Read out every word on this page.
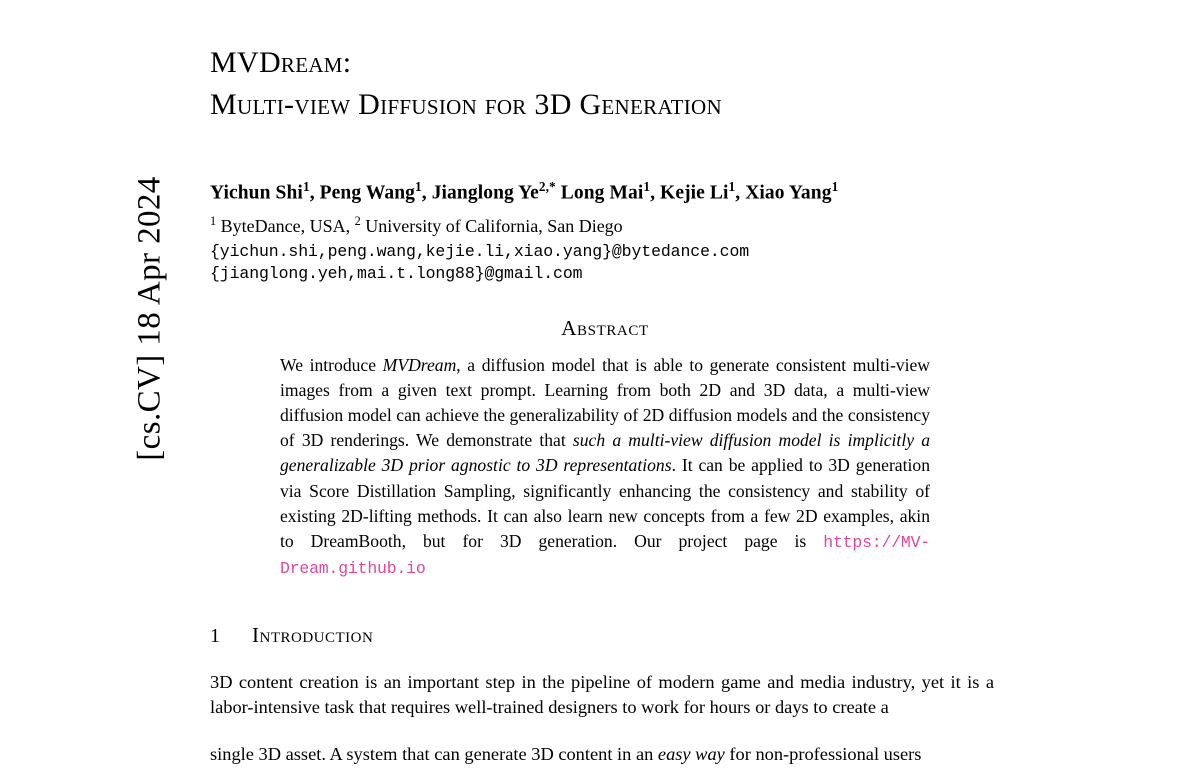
[cs.CV] 18 Apr 2024
MVDream:
Multi-view Diffusion for 3D Generation
Yichun Shi$^1$, Peng Wang$^1$, Jianglong $Ye^{2,*}$ Long Mai$^1$, Kejie Li$^1$, Xiao Yang$^1$
$^1$ ByteDance, USA, $^2$ University of California, San Diego
{yichun.shi,peng.wang,kejie.li,xiao.yang}@bytedance.com
{jianglong.yeh,mai.t.long88}@gmail.com
Abstract
We introduce MVDream, a diffusion model that is able to generate consistent multi-view images from a given text prompt. Learning from both 2D and 3D data, a multi-view diffusion model can achieve the generalizability of 2D diffusion models and the consistency of 3D renderings. We demonstrate that such a multi-view diffusion model is implicitly a generalizable 3D prior agnostic to 3D representations. It can be applied to 3D generation via Score Distillation Sampling, significantly enhancing the consistency and stability of existing 2D-lifting methods. It can also learn new concepts from a few 2D examples, akin to DreamBooth, but for 3D generation. Our project page is https://MV-Dream.github.io
1	Introduction
3D content creation is an important step in the pipeline of modern game and media industry, yet it is a labor-intensive task that requires well-trained designers to work for hours or days to create a
single 3D asset. A system that can generate 3D content in an easy way for non-professional users
